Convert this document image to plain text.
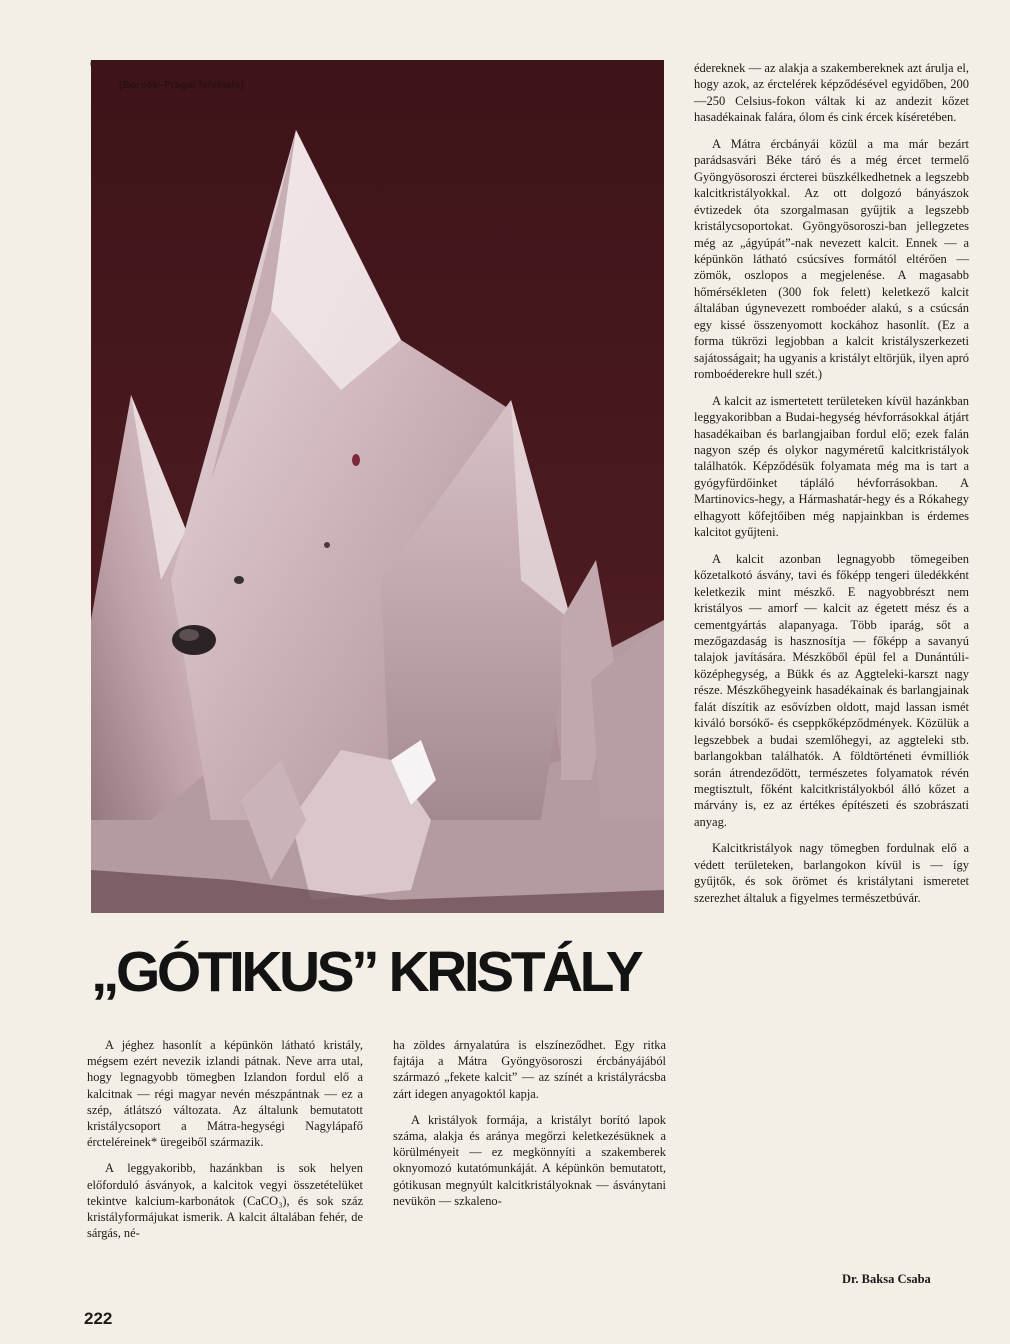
(Borsók–Prágai felvétele)
„GÓTIKUS” KRISTÁLY

A jéghez hasonlít a képünkön látható kristály, mégsem ezért nevezik izlandi pátnak. Neve arra utal, hogy legnagyobb tömegben Izlandon fordul elő a kalcitnak — régi magyar nevén mészpántnak — ez a szép, átlátszó változata. Az általunk bemutatott kristálycsoport a Mátra-hegységi Nagylápafő ércteléreinek* üregeiből származik.

A leggyakoribb, hazánkban is sok helyen előforduló ásványok, a kalcitok vegyi összetételüket tekintve kalcium-karbonátok (CaCO₃), és sok száz kristályformájukat ismerik. A kalcit általában fehér, de sárgás, né-

ha zöldes árnyalatúra is elszíneződhet. Egy ritka fajtája a Mátra Gyöngyösoroszi ércbányájából származó „fekete kalcit” — az színét a kristályrácsba zárt idegen anyagoktól kapja.

A kristályok formája, a kristályt borító lapok száma, alakja és aránya megőrzi keletkezésüknek a körülményeit — ez megkönnyíti a szakemberek oknyomozó kutatómunkáját. A képünkön bemutatott, gótikusan megnyúlt kalcitkristályoknak — ásványtani nevükön — szkaleno-

édereknek — az alakja a szakembereknek azt árulja el, hogy azok, az érctelérek képződésével egyidőben, 200—250 Celsius-fokon váltak ki az andezit kőzet hasadékainak falára, ólom és cink ércek kíséretében.

A Mátra ércbányái közül a ma már bezárt parádsasvári Béke táró és a még ércet termelő Gyöngyösoroszi ércterei büszkélkedhetnek a legszebb kalcitkristályokkal. Az ott dolgozó bányászok évtizedek óta szorgalmasan gyűjtik a legszebb kristálycsoportokat. Gyöngyösoroszi-ban jellegzetes még az „ágyúpát”-nak nevezett kalcit. Ennek — a képünkön látható csúcsíves formától eltérően — zömök, oszlopos a megjelenése. A magasabb hőmérsékleten (300 fok felett) keletkező kalcit általában úgynevezett romboéder alakú, s a csúcsán egy kissé összenyomott kockához hasonlít. (Ez a forma tükrözi legjobban a kalcit kristályszerkezeti sajátosságait; ha ugyanis a kristályt eltörjük, ilyen apró romboéderekre hull szét.)

A kalcit az ismertetett területeken kívül hazánkban leggyakoribban a Budai-hegység hévforrásokkal átjárt hasadékaiban és barlangjaiban fordul elő; ezek falán nagyon szép és olykor nagyméretű kalcitkristályok találhatók. Képződésük folyamata még ma is tart a gyógyfürdőinket tápláló hévforrásokban. A Martinovics-hegy, a Hármashatár-hegy és a Rókahegy elhagyott kőfejtőiben még napjainkban is érdemes kalcitot gyűjteni.

A kalcit azonban legnagyobb tömegeiben kőzetalkotó ásvány, tavi és főképp tengeri üledékként keletkezik mint mészkő. E nagyobbrészt nem kristályos — amorf — kalcit az égetett mész és a cementgyártás alapanyaga. Több iparág, sőt a mezőgazdaság is hasznosítja — főképp a savanyú talajok javítására. Mészkőből épül fel a Dunántúli-középhegység, a Bükk és az Aggteleki-karszt nagy része. Mészkőhegyeink hasadékainak és barlangjainak falát díszítik az esővízben oldott, majd lassan ismét kiváló borsókő- és cseppkőképződmények. Közülük a legszebbek a budai szemlőhegyi, az aggteleki stb. barlangokban találhatók. A földtörténeti évmilliók során átrendeződött, természetes folyamatok révén megtisztult, főként kalcitkristályokból álló kőzet a márvány is, ez az értékes építészeti és szobrászati anyag.

Kalcitkristályok nagy tömegben fordulnak elő a védett területeken, barlangokon kívül is — így gyűjtők, és sok örömet és kristálytani ismeretet szerezhet általuk a figyelmes természetbúvár.

Dr. Baksa Csaba
222
